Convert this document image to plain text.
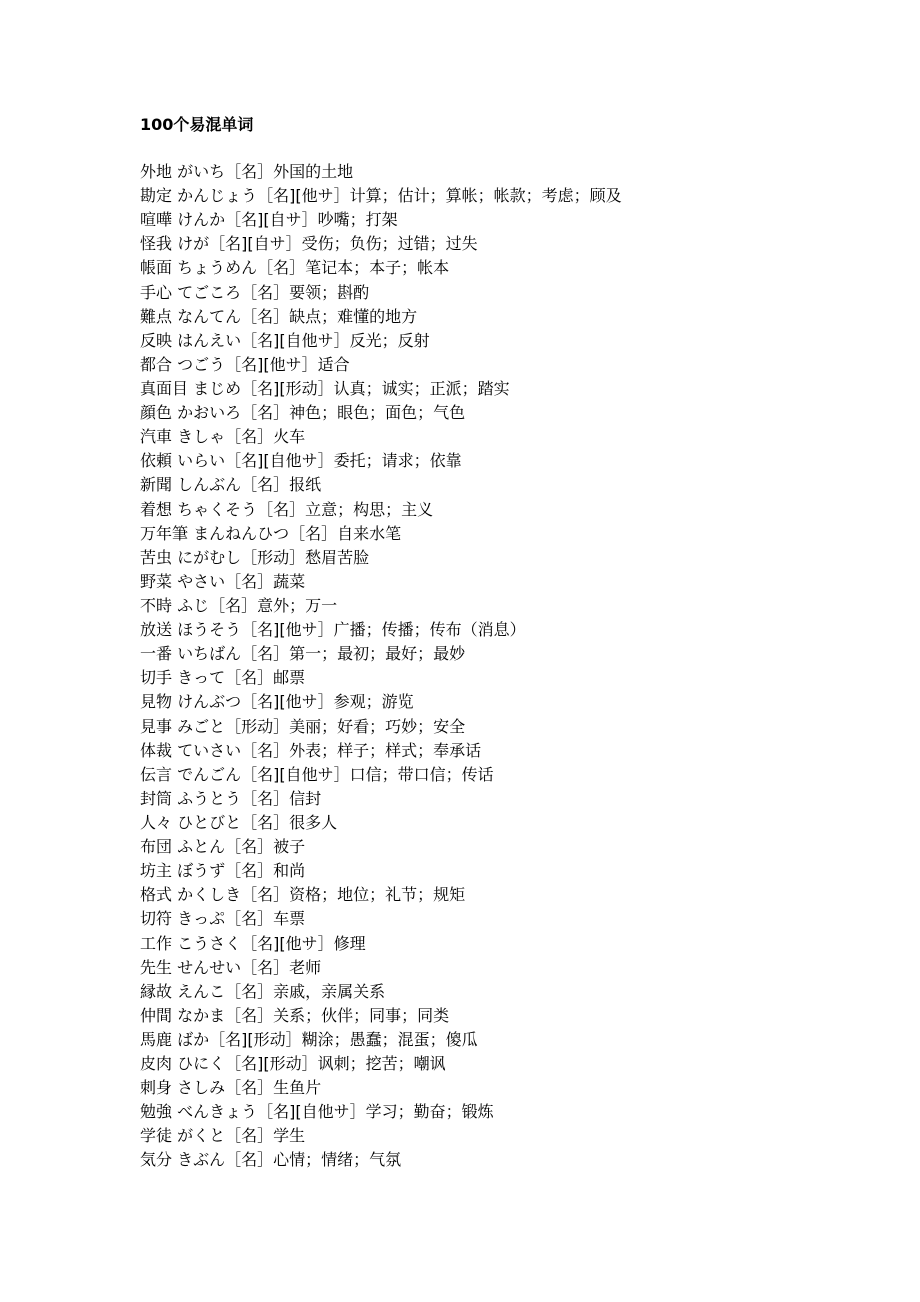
100个易混单词
外地 がいち［名］外国的土地
勘定 かんじょう［名][他サ］计算；估计；算帐；帐款；考虑；顾及
喧嘩 けんか［名][自サ］吵嘴；打架
怪我 けが［名][自サ］受伤；负伤；过错；过失
帳面 ちょうめん［名］笔记本；本子；帐本
手心 てごころ［名］要领；斟酌
難点 なんてん［名］缺点；难懂的地方
反映 はんえい［名][自他サ］反光；反射
都合 つごう［名][他サ］适合
真面目 まじめ［名][形动］认真；诚实；正派；踏实
顔色 かおいろ［名］神色；眼色；面色；气色
汽車 きしゃ［名］火车
依頼 いらい［名][自他サ］委托；请求；依靠
新聞 しんぶん［名］报纸
着想 ちゃくそう［名］立意；构思；主义
万年筆 まんねんひつ［名］自来水笔
苦虫 にがむし［形动］愁眉苦脸
野菜 やさい［名］蔬菜
不時 ふじ［名］意外；万一
放送 ほうそう［名][他サ］广播；传播；传布（消息）
一番 いちばん［名］第一；最初；最好；最妙
切手 きって［名］邮票
見物 けんぶつ［名][他サ］参观；游览
見事 みごと［形动］美丽；好看；巧妙；安全
体裁 ていさい［名］外表；样子；样式；奉承话
伝言 でんごん［名][自他サ］口信；带口信；传话
封筒 ふうとう［名］信封
人々 ひとびと［名］很多人
布団 ふとん［名］被子
坊主 ぼうず［名］和尚
格式 かくしき［名］资格；地位；礼节；规矩
切符 きっぷ［名］车票
工作 こうさく［名][他サ］修理
先生 せんせい［名］老师
縁故 えんこ［名］亲戚，亲属关系
仲間 なかま［名］关系；伙伴；同事；同类
馬鹿 ばか［名][形动］糊涂；愚蠢；混蛋；傻瓜
皮肉 ひにく［名][形动］讽刺；挖苦；嘲讽
刺身 さしみ［名］生鱼片
勉強 べんきょう［名][自他サ］学习；勤奋；锻炼
学徒 がくと［名］学生
気分 きぶん［名］心情；情绪；气氛
